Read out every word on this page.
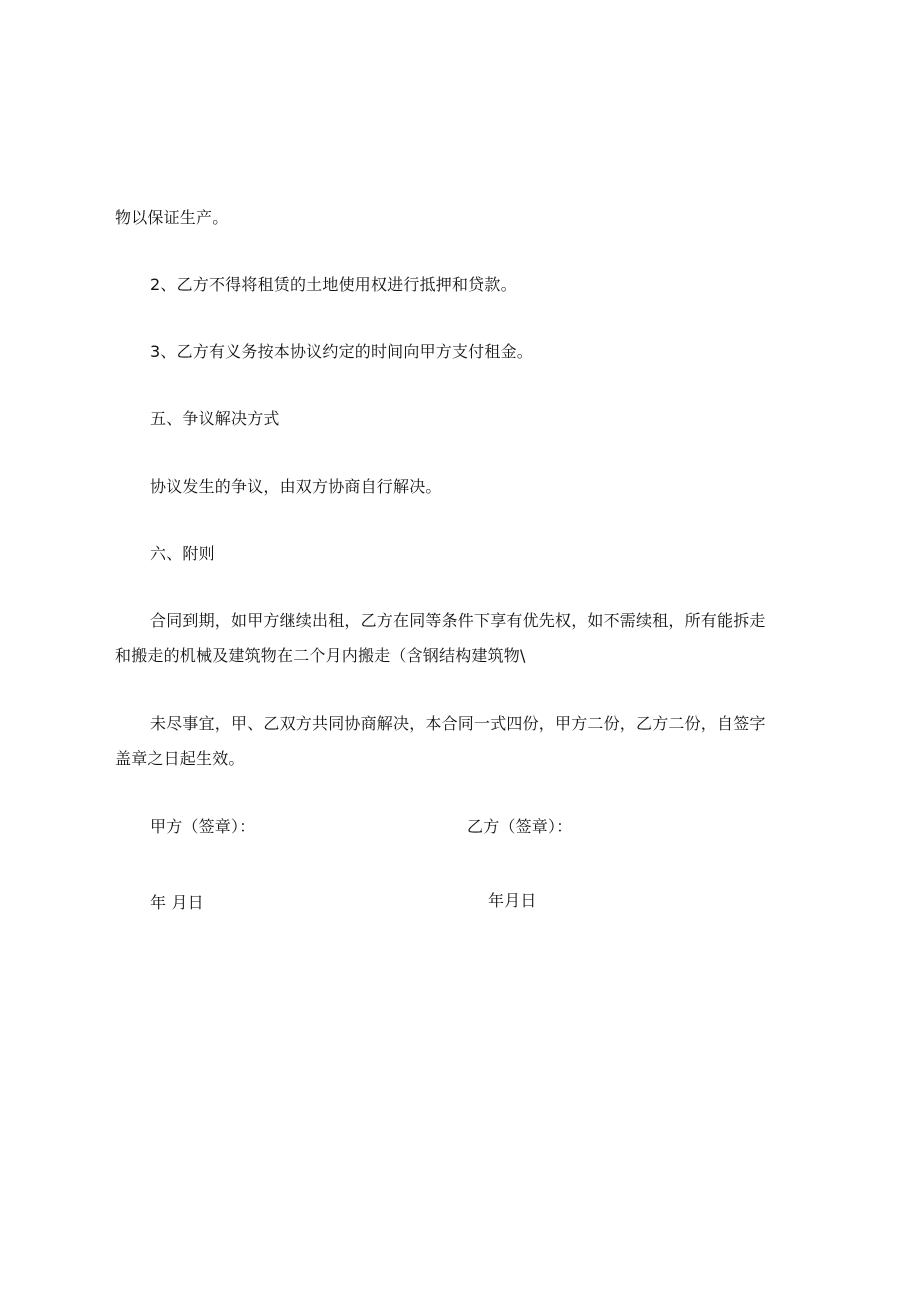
物以保证生产。
2、乙方不得将租赁的土地使用权进行抵押和贷款。
3、乙方有义务按本协议约定的时间向甲方支付租金。
五、争议解决方式
协议发生的争议，由双方协商自行解决。
六、附则
合同到期，如甲方继续出租，乙方在同等条件下享有优先权，如不需续租，所有能拆走
和搬走的机械及建筑物在二个月内搬走（含钢结构建筑物\
未尽事宜，甲、乙双方共同协商解决，本合同一式四份，甲方二份，乙方二份，自签字
盖章之日起生效。
甲方（签章）：	乙方（签章）：
年 月日	年月日
